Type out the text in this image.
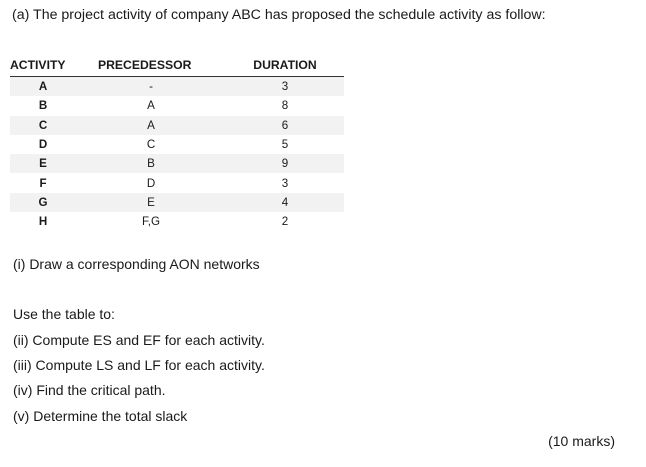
(a) The project activity of company ABC has proposed the schedule activity as follow:
ACTIVITY	PRECEDESSOR	DURATION
A	-	3
B	A	8
C	A	6
D	C	5
E	B	9
F	D	3
G	E	4
H	F,G	2
(i) Draw a corresponding AON networks
Use the table to:
(ii) Compute ES and EF for each activity.
(iii) Compute LS and LF for each activity.
(iv) Find the critical path.
(v) Determine the total slack
(10 marks)
